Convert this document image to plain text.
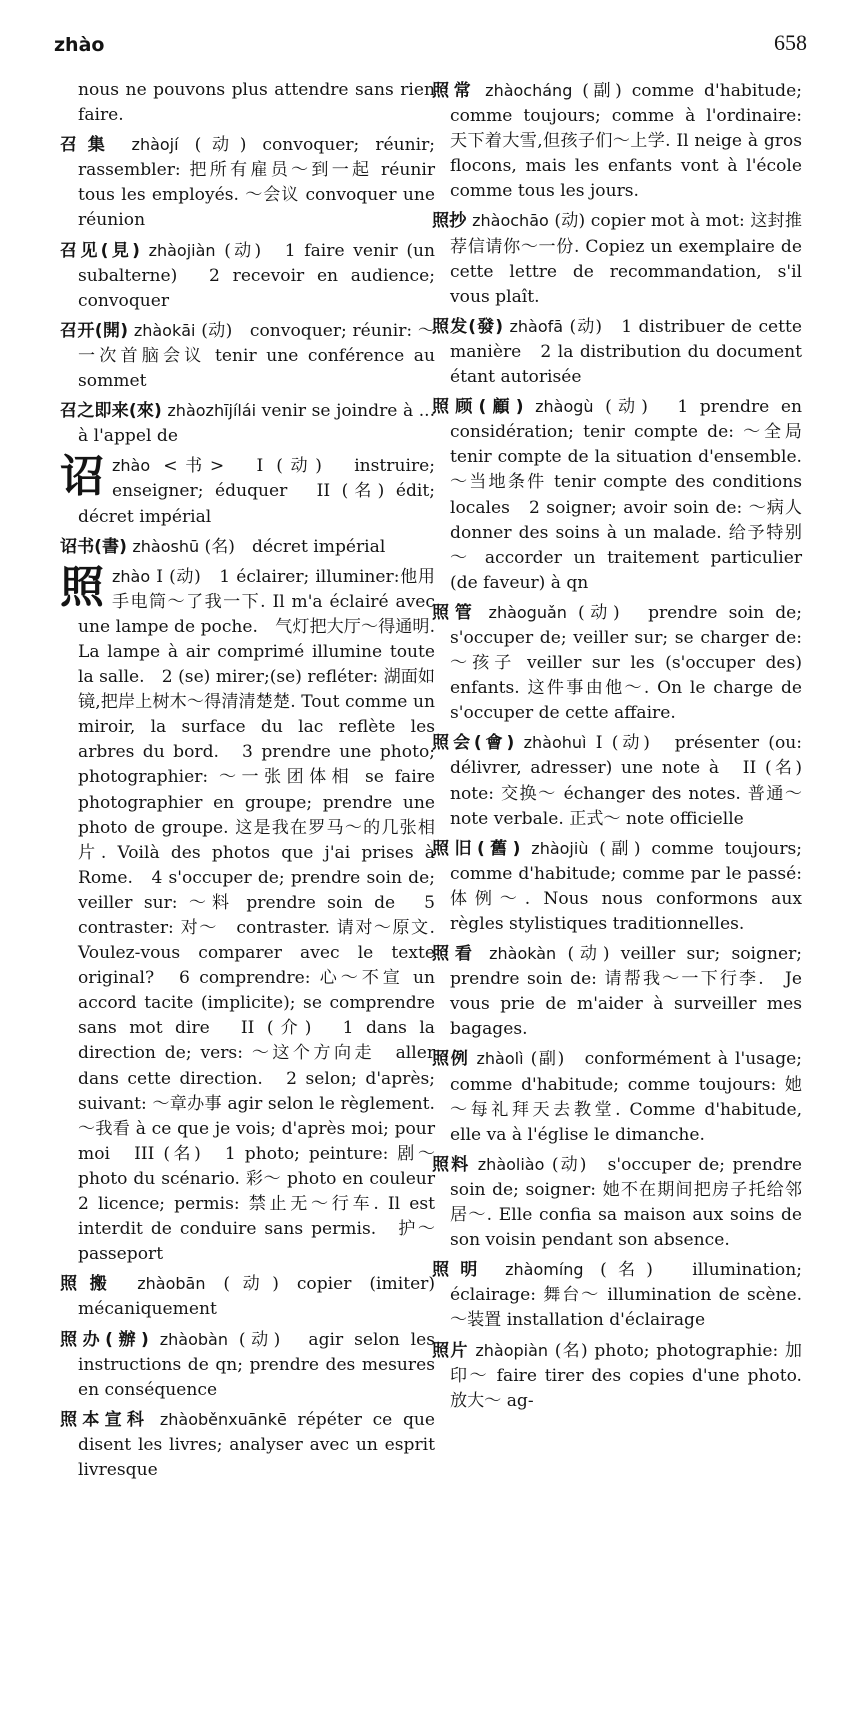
zhào	658
nous ne pouvons plus attendre sans rien faire.
召集 zhàojí (动) convoquer; réunir; rassembler: 把所有雇员～到一起 réunir tous les employés. ～会议 convoquer une réunion
召见(見) zhàojiàn (动)　1 faire venir (un subalterne)　2 recevoir en audience; convoquer
召开(開) zhàokāi (动)　convoquer; réunir: ～一次首脑会议 tenir une conférence au sommet
召之即来(來) zhàozhījílái venir se joindre à ... à l'appel de
诏zhào <书>　I (动)　instruire; enseigner; éduquer　II (名) édit; décret impérial
诏书(書) zhàoshū (名)　décret impérial
照zhào I (动)　1 éclairer; illuminer:他用手电筒～了我一下. Il m'a éclairé avec une lampe de poche.　气灯把大厅～得通明. La lampe à air comprimé illumine toute la salle.　2 (se) mirer;(se) refléter: 湖面如镜,把岸上树木～得清清楚楚. Tout comme un miroir, la surface du lac reflète les arbres du bord.　3 prendre une photo; photographier: ～一张团体相 se faire photographier en groupe; prendre une photo de groupe. 这是我在罗马～的几张相片. Voilà des photos que j'ai prises à Rome.　4 s'occuper de; prendre soin de; veiller sur: ～料 prendre soin de　5 contraster: 对～　contraster. 请对～原文. Voulez-vous comparer avec le texte original?　6 comprendre: 心～不宣 un accord tacite (implicite); se comprendre sans mot dire　II (介)　1 dans la direction de; vers: ～这个方向走　aller dans cette direction.　2 selon; d'après; suivant: ～章办事 agir selon le règlement. ～我看 à ce que je vois; d'après moi; pour moi　III (名)　1 photo; peinture: 剧～ photo du scénario. 彩～ photo en couleur　2 licence; permis: 禁止无～行车. Il est interdit de conduire sans permis.　护～ passeport
照搬 zhàobān (动) copier (imiter) mécaniquement
照办(辦) zhàobàn (动)　agir selon les instructions de qn; prendre des mesures en conséquence
照本宣科 zhàoběnxuānkē répéter ce que disent les livres; analyser avec un esprit livresque
照常 zhàocháng (副) comme d'habitude; comme toujours; comme à l'ordinaire: 天下着大雪,但孩子们～上学. Il neige à gros flocons, mais les enfants vont à l'école comme tous les jours.
照抄 zhàochāo (动) copier mot à mot: 这封推荐信请你～一份. Copiez un exemplaire de cette lettre de recommandation, s'il vous plaît.
照发(發) zhàofā (动)　1 distribuer de cette manière　2 la distribution du document étant autorisée
照顾(顧) zhàogù (动)　1 prendre en considération; tenir compte de: ～全局 tenir compte de la situation d'ensemble. ～当地条件 tenir compte des conditions locales　2 soigner; avoir soin de: ～病人 donner des soins à un malade. 给予特别～ accorder un traitement particulier (de faveur) à qn
照管 zhàoguǎn (动)　prendre soin de; s'occuper de; veiller sur; se charger de: ～孩子 veiller sur les (s'occuper des) enfants. 这件事由他～. On le charge de s'occuper de cette affaire.
照会(會) zhàohuì I (动)　présenter (ou: délivrer, adresser) une note à　II (名) note: 交换～ échanger des notes. 普通～　note verbale. 正式～ note officielle
照旧(舊) zhàojiù (副) comme toujours; comme d'habitude; comme par le passé: 体例～. Nous nous conformons aux règles stylistiques traditionnelles.
照看 zhàokàn (动) veiller sur; soigner; prendre soin de: 请帮我～一下行李.　Je vous prie de m'aider à surveiller mes bagages.
照例 zhàolì (副)　conformément à l'usage; comme d'habitude; comme toujours: 她～每礼拜天去教堂. Comme d'habitude, elle va à l'église le dimanche.
照料 zhàoliào (动)　s'occuper de; prendre soin de; soigner: 她不在期间把房子托给邻居～. Elle confia sa maison aux soins de son voisin pendant son absence.
照明 zhàomíng (名)　illumination; éclairage: 舞台～ illumination de scène. ～装置 installation d'éclairage
照片 zhàopiàn (名) photo; photographie: 加印～ faire tirer des copies d'une photo. 放大～ ag-
